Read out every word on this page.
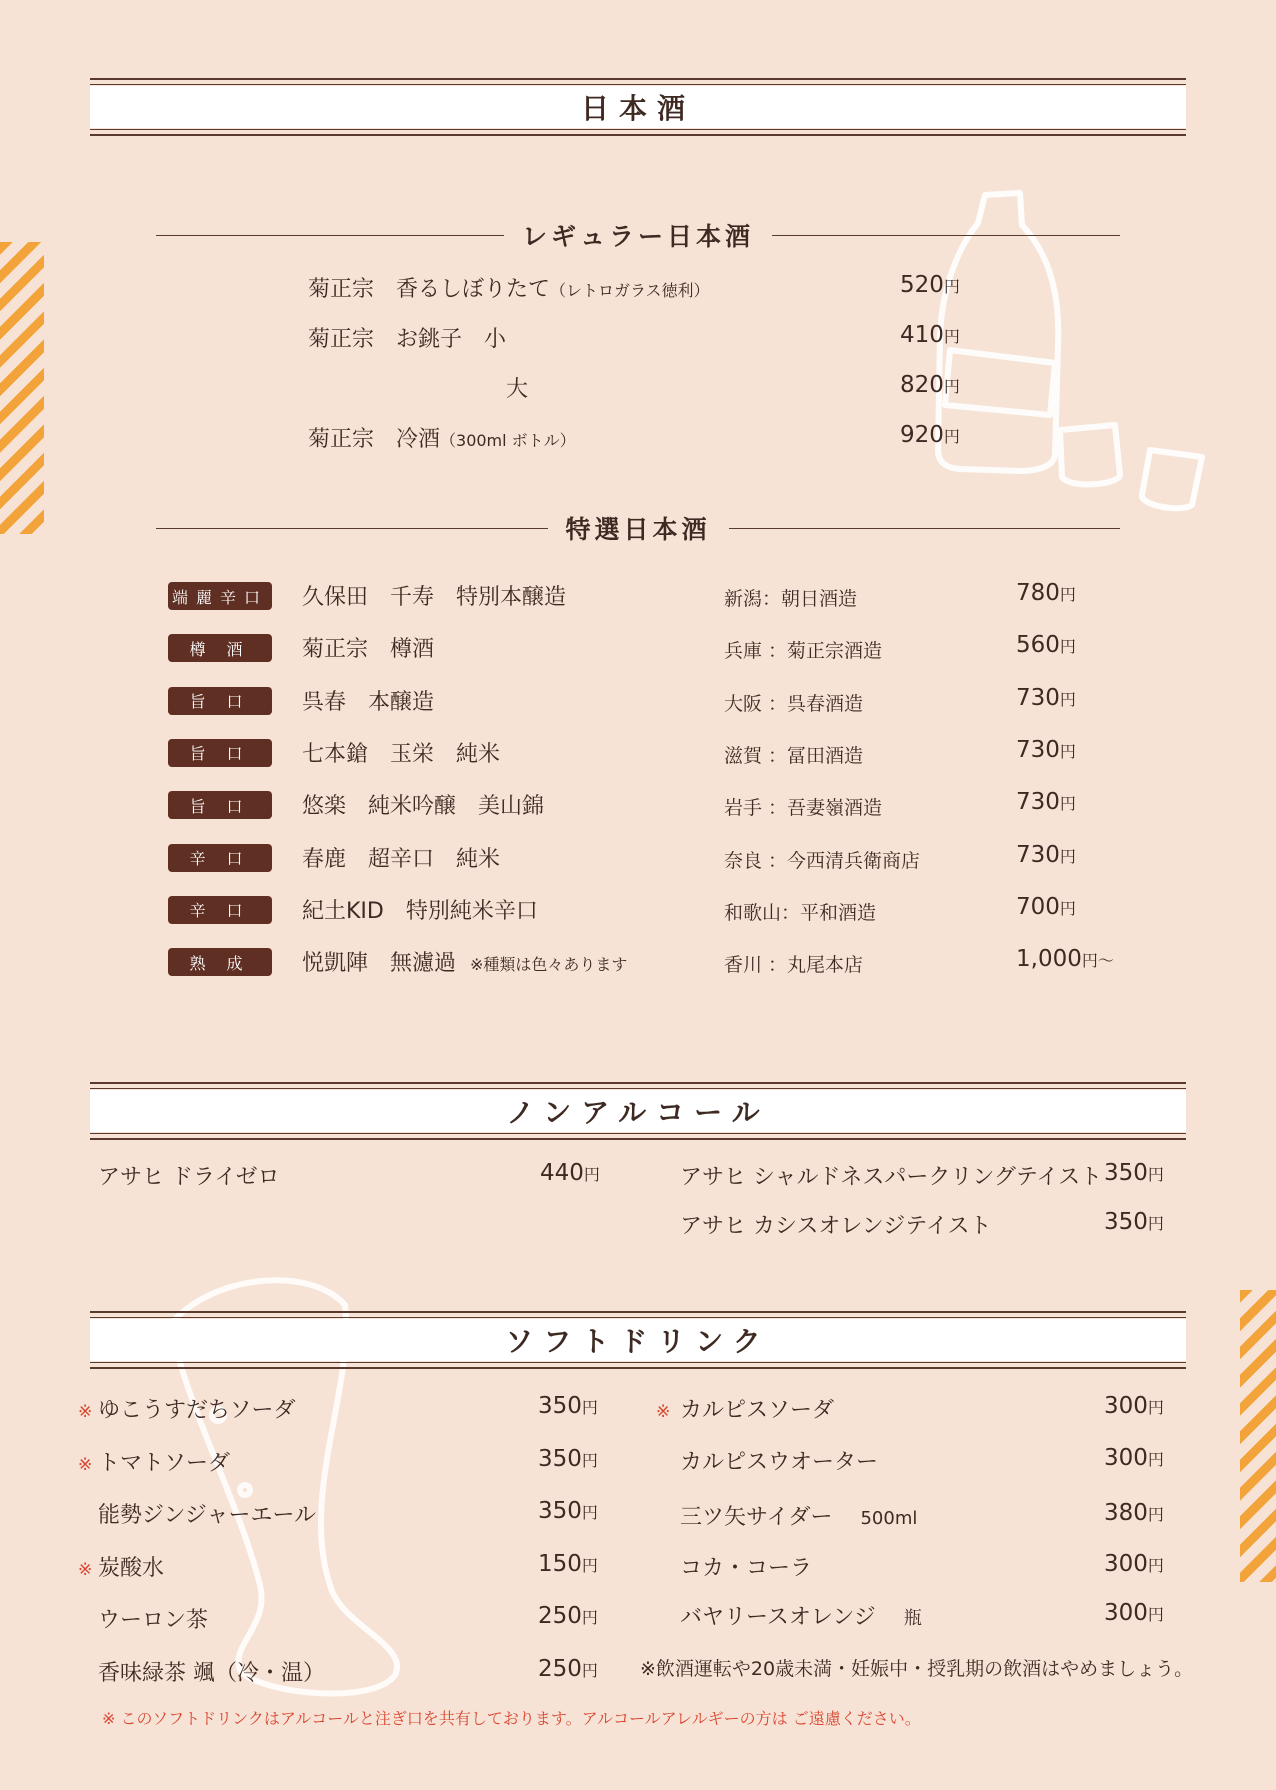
日本酒
レギュラー日本酒
菊正宗　香るしぼりたて（レトロガラス徳利）	520円
菊正宗　お銚子　小	410円
大	820円
菊正宗　冷酒（300ml ボトル）	920円
特選日本酒
端麗辛口 久保田　千寿　特別本醸造	新潟：朝日酒造	780円
樽 酒	菊正宗　樽酒	兵庫 ：菊正宗酒造	560円
旨 口	呉春　本醸造	大阪 ：呉春酒造	730円
旨 口	七本鎗　玉栄　純米	滋賀 ：冨田酒造	730円
旨 口	悠楽　純米吟醸　美山錦	岩手 ：吾妻嶺酒造	730円
辛 口	春鹿　超辛口　純米	奈良 ：今西清兵衛商店	730円
辛 口	紀土KID　特別純米辛口	和歌山：平和酒造	700円
熟 成	悦凱陣　無濾過 ※種類は色々あります	香川 ：丸尾本店	1,000円～
ノンアルコール
アサヒ ドライゼロ	440円	アサヒ シャルドネスパークリングテイスト 350円
アサヒ カシスオレンジテイスト	350円
ソフトドリンク
※ ゆこうすだちソーダ	350円
※ トマトソーダ	350円
能勢ジンジャーエール	350円
※ 炭酸水	150円
ウーロン茶	250円
香味緑茶 颯（冷・温）	250円
※ カルピスソーダ	300円
カルピスウオーター	300円
三ツ矢サイダー 500ml	380円
コカ・コーラ	300円
バヤリースオレンジ 瓶	300円
※飲酒運転や20歳未満・妊娠中・授乳期の飲酒はやめましょう。
※ このソフトドリンクはアルコールと注ぎ口を共有しております。アルコールアレルギーの方は ご遠慮ください。
